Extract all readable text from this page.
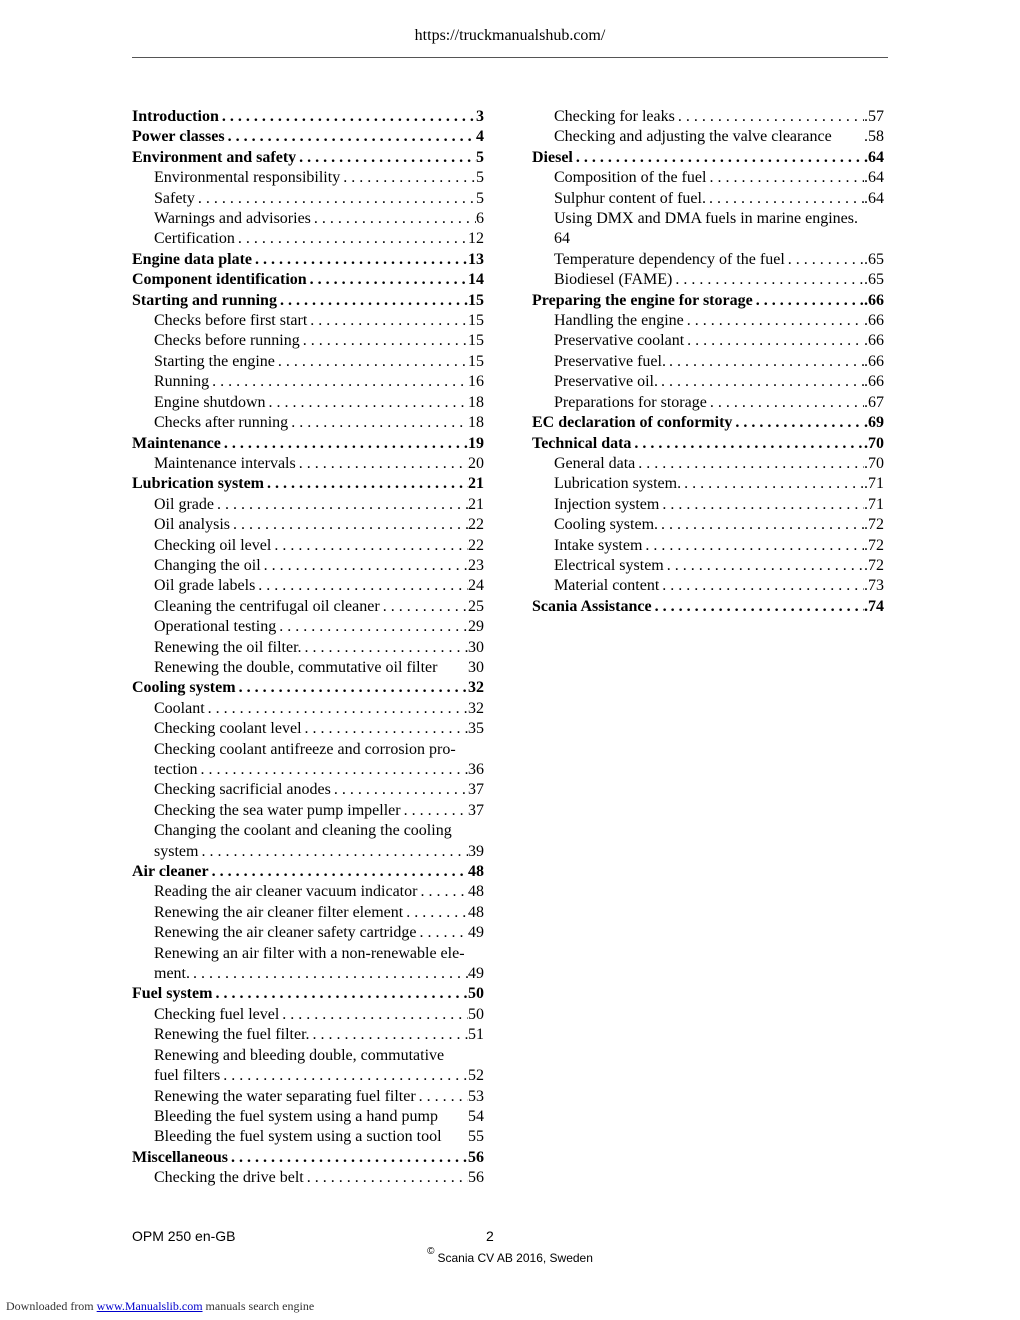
https://truckmanualshub.com/
Introduction . . .	3
Power classes . . .	4
Environment and safety . . .	5
Environmental responsibility . . .	5
Safety . . .	5
Warnings and advisories . . .	6
Certification . . .	12
Engine data plate . . .	13
Component identification . . .	14
Starting and running . . .	15
Checks before first start . . .	15
Checks before running . . .	15
Starting the engine . . .	15
Running . . .	16
Engine shutdown . . .	18
Checks after running . . .	18
Maintenance . . .	19
Maintenance intervals . . .	20
Lubrication system . . .	21
Oil grade . . .	21
Oil analysis . . .	22
Checking oil level . . .	22
Changing the oil . . .	23
Oil grade labels . . .	24
Cleaning the centrifugal oil cleaner . . .	25
Operational testing . . .	29
Renewing the oil filter. . . .	30
Renewing the double, commutative oil filter 30
Cooling system . . .	32
Coolant . . .	32
Checking coolant level . . .	35
Checking coolant antifreeze and corrosion pro-
tection . . .	36
Checking sacrificial anodes . . .	37
Checking the sea water pump impeller . . .	37
Changing the coolant and cleaning the cooling
system . . .	39
Air cleaner . . .	48
Reading the air cleaner vacuum indicator . . .	48
Renewing the air cleaner filter element . . .	48
Renewing the air cleaner safety cartridge . . .	49
Renewing an air filter with a non-renewable ele-
ment. . . .	49
Fuel system . . .	50
Checking fuel level . . .	50
Renewing the fuel filter. . . .	51
Renewing and bleeding double, commutative
fuel filters . . .	52
Renewing the water separating fuel filter . . .	53
Bleeding the fuel system using a hand pump 54
Bleeding the fuel system using a suction tool 55
Miscellaneous . . .	56
Checking the drive belt . . .	56
Checking for leaks . . .	.57
Checking and adjusting the valve clearance .58
Diesel . . .	.64
Composition of the fuel . . .	.64
Sulphur content of fuel. . . .	.64
Using DMX and DMA fuels in marine engines.
64
Temperature dependency of the fuel . . .	.65
Biodiesel (FAME) . . .	.65
Preparing the engine for storage . . .	.66
Handling the engine . . .	.66
Preservative coolant . . .	.66
Preservative fuel. . . .	.66
Preservative oil. . . .	.66
Preparations for storage . . .	.67
EC declaration of conformity . . .	.69
Technical data . . .	.70
General data . . .	.70
Lubrication system. . . .	.71
Injection system . . .	.71
Cooling system. . . .	.72
Intake system . . .	.72
Electrical system . . .	.72
Material content . . .	.73
Scania Assistance . . .	.74
OPM 250 en-GB	2
© Scania CV AB 2016, Sweden
Downloaded from www.Manualslib.com manuals search engine
